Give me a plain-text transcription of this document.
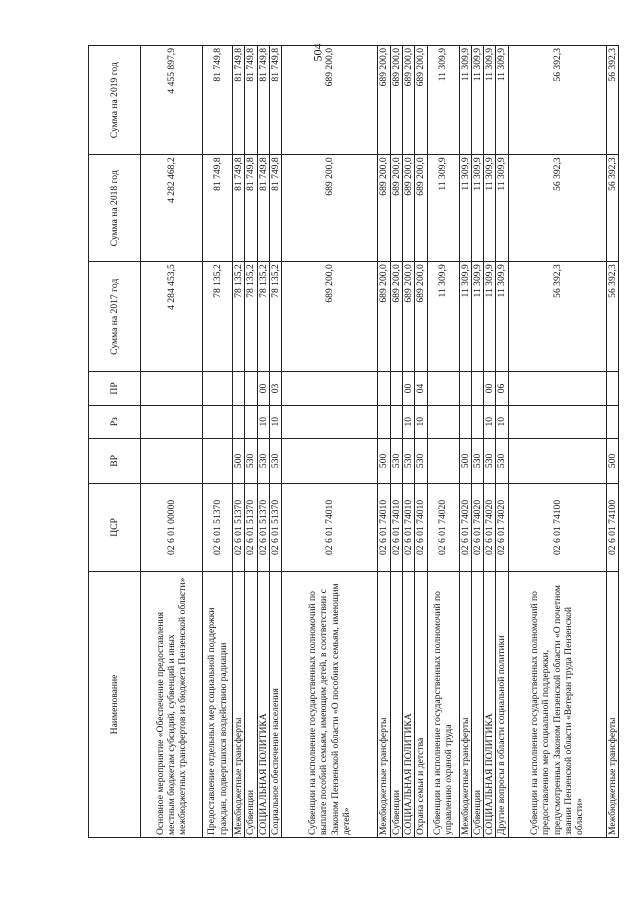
504
Наименование	ЦСР	ВР	Рз	ПР	Сумма на 2017 год	Сумма на 2018 год	Сумма на 2019 год
Основное мероприятие «Обеспечение предоставления местным бюджетам субсидий, субвенций и иных межбюджетных трансфертов из бюджета Пензенской области»	02 6 01 00000				4 284 453,5	4 282 468,2	4 455 897,9
Предоставление отдельных мер социальной поддержки граждан, подвергшихся воздействию радиации	02 6 01 51370				78 135,2	81 749,8	81 749,8
Межбюджетные трансферты	02 6 01 51370	500			78 135,2	81 749,8	81 749,8
Субвенции	02 6 01 51370	530			78 135,2	81 749,8	81 749,8
СОЦИАЛЬНАЯ ПОЛИТИКА	02 6 01 51370	530	10	00	78 135,2	81 749,8	81 749,8
Социальное обеспечение населения	02 6 01 51370	530	10	03	78 135,2	81 749,8	81 749,8
Субвенции на исполнение государственных полномочий по выплате пособий семьям, имеющим детей, в соответствии с Законом Пензенской области «О пособиях семьям, имеющим детей»	02 6 01 74010				689 200,0	689 200,0	689 200,0
Межбюджетные трансферты	02 6 01 74010	500			689 200,0	689 200,0	689 200,0
Субвенции	02 6 01 74010	530			689 200,0	689 200,0	689 200,0
СОЦИАЛЬНАЯ ПОЛИТИКА	02 6 01 74010	530	10	00	689 200,0	689 200,0	689 200,0
Охрана семьи и детства	02 6 01 74010	530	10	04	689 200,0	689 200,0	689 200,0
Субвенции на исполнение государственных полномочий по управлению охраной труда	02 6 01 74020				11 309,9	11 309,9	11 309,9
Межбюджетные трансферты	02 6 01 74020	500			11 309,9	11 309,9	11 309,9
Субвенции	02 6 01 74020	530			11 309,9	11 309,9	11 309,9
СОЦИАЛЬНАЯ ПОЛИТИКА	02 6 01 74020	530	10	00	11 309,9	11 309,9	11 309,9
Другие вопросы в области социальной политики	02 6 01 74020	530	10	06	11 309,9	11 309,9	11 309,9
Субвенции на исполнение государственных полномочий по предоставлению мер социальной поддержки, предусмотренных Законом Пензенской области «О почетном звании Пензенской области «Ветеран труда Пензенской области»	02 6 01 74100				56 392,3	56 392,3	56 392,3
Межбюджетные трансферты	02 6 01 74100	500			56 392,3	56 392,3	56 392,3
